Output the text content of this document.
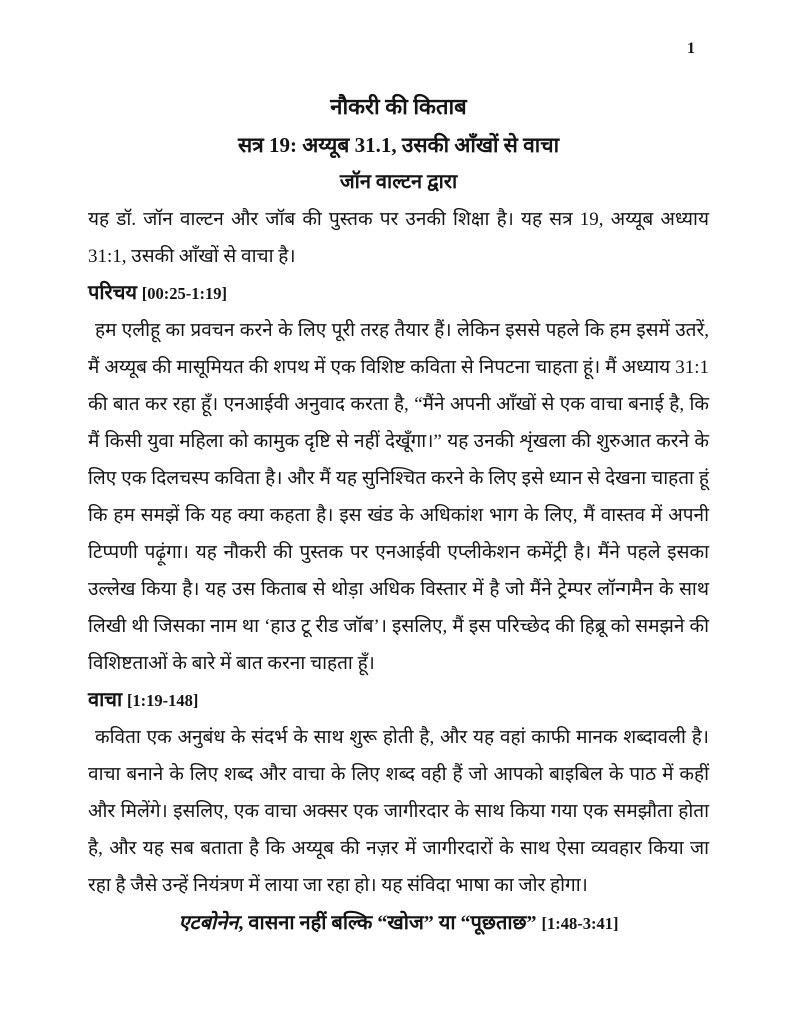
1
नौकरी की किताब
सत्र 19: अय्यूब 31.1, उसकी आँखों से वाचा
जॉन वाल्टन द्वारा

यह डॉ. जॉन वाल्टन और जॉब की पुस्तक पर उनकी शिक्षा है। यह सत्र 19, अय्यूब अध्याय 31:1, उसकी आँखों से वाचा है।

परिचय [00:25-1:19]

हम एलीहू का प्रवचन करने के लिए पूरी तरह तैयार हैं। लेकिन इससे पहले कि हम इसमें उतरें, मैं अय्यूब की मासूमियत की शपथ में एक विशिष्ट कविता से निपटना चाहता हूं। मैं अध्याय 31:1 की बात कर रहा हूँ। एनआईवी अनुवाद करता है, “मैंने अपनी आँखों से एक वाचा बनाई है, कि मैं किसी युवा महिला को कामुक दृष्टि से नहीं देखूँगा।” यह उनकी शृंखला की शुरुआत करने के लिए एक दिलचस्प कविता है। और मैं यह सुनिश्चित करने के लिए इसे ध्यान से देखना चाहता हूं कि हम समझें कि यह क्या कहता है। इस खंड के अधिकांश भाग के लिए, मैं वास्तव में अपनी टिप्पणी पढ़ूंगा। यह नौकरी की पुस्तक पर एनआईवी एप्लीकेशन कमेंट्री है। मैंने पहले इसका उल्लेख किया है। यह उस किताब से थोड़ा अधिक विस्तार में है जो मैंने ट्रेम्पर लॉन्गमैन के साथ लिखी थी जिसका नाम था ‘हाउ टू रीड जॉब’। इसलिए, मैं इस परिच्छेद की हिब्रू को समझने की विशिष्टताओं के बारे में बात करना चाहता हूँ।

वाचा [1:19-148]

कविता एक अनुबंध के संदर्भ के साथ शुरू होती है, और यह वहां काफी मानक शब्दावली है। वाचा बनाने के लिए शब्द और वाचा के लिए शब्द वही हैं जो आपको बाइबिल के पाठ में कहीं और मिलेंगे। इसलिए, एक वाचा अक्सर एक जागीरदार के साथ किया गया एक समझौता होता है, और यह सब बताता है कि अय्यूब की नज़र में जागीरदारों के साथ ऐसा व्यवहार किया जा रहा है जैसे उन्हें नियंत्रण में लाया जा रहा हो। यह संविदा भाषा का जोर होगा।

एटबोनेन, वासना नहीं बल्कि “खोज” या “पूछताछ” [1:48-3:41]
